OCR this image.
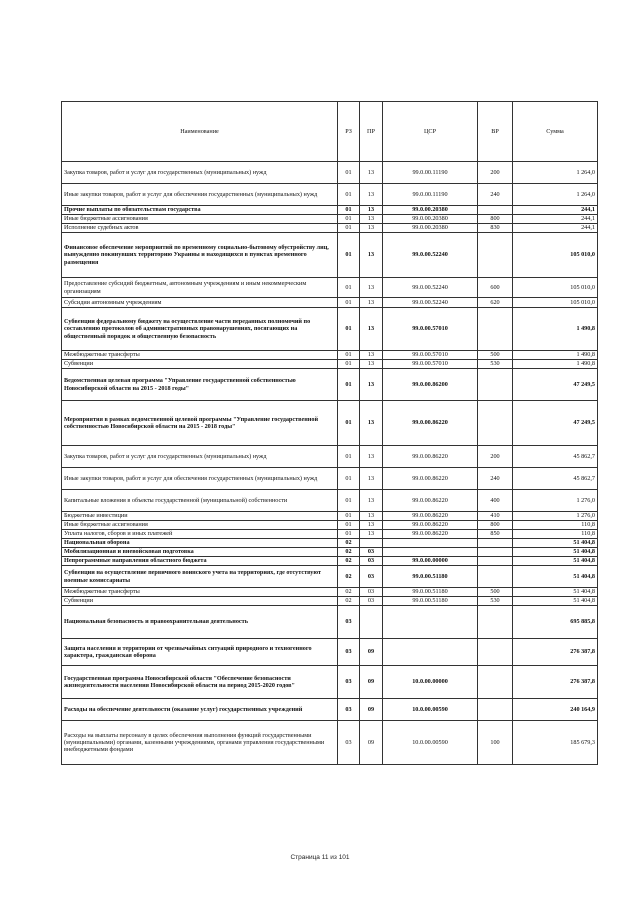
Наименование	РЗ	ПР	ЦСР	ВР	Сумма
Закупка товаров, работ и услуг для государственных (муниципальных) нужд	01	13	99.0.00.11190	200	1 264,0
Иные закупки товаров, работ и услуг для обеспечения государственных (муниципальных) нужд	01	13	99.0.00.11190	240	1 264,0
Прочие выплаты по обязательствам государства	01	13	99.0.00.20380		244,1
Иные бюджетные ассигнования	01	13	99.0.00.20380	800	244,1
Исполнение судебных актов	01	13	99.0.00.20380	830	244,1
Финансовое обеспечение мероприятий по временному социально-бытовому обустройству лиц, вынужденно покинувших территорию Украины и находящихся в пунктах временного размещения	01	13	99.0.00.52240		105 010,0
Предоставление субсидий бюджетным, автономным учреждениям и иным некоммерческим организациям	01	13	99.0.00.52240	600	105 010,0
Субсидии автономным учреждениям	01	13	99.0.00.52240	620	105 010,0
Субвенции федеральному бюджету на осуществление части переданных полномочий по составлению протоколов об административных правонарушениях, посягающих на общественный порядок и общественную безопасность	01	13	99.0.00.57010		1 490,8
Межбюджетные трансферты	01	13	99.0.00.57010	500	1 490,8
Субвенции	01	13	99.0.00.57010	530	1 490,8
Ведомственная целевая программа "Управление государственной собственностью Новосибирской области на 2015 - 2018 годы"	01	13	99.0.00.86200		47 249,5
Мероприятия в рамках ведомственной целевой программы "Управление государственной собственностью Новосибирской области на 2015 - 2018 годы"	01	13	99.0.00.86220		47 249,5
Закупка товаров, работ и услуг для государственных (муниципальных) нужд	01	13	99.0.00.86220	200	45 862,7
Иные закупки товаров, работ и услуг для обеспечения государственных (муниципальных) нужд	01	13	99.0.00.86220	240	45 862,7
Капитальные вложения в объекты государственной (муниципальной) собственности	01	13	99.0.00.86220	400	1 276,0
Бюджетные инвестиции	01	13	99.0.00.86220	410	1 276,0
Иные бюджетные ассигнования	01	13	99.0.00.86220	800	110,8
Уплата налогов, сборов и иных платежей	01	13	99.0.00.86220	850	110,8
Национальная оборона	02				51 404,8
Мобилизационная и вневойсковая подготовка	02	03			51 404,8
Непрограммные направления областного бюджета	02	03	99.0.00.00000		51 404,8
Субвенции на осуществление первичного воинского учета на территориях, где отсутствуют военные комиссариаты	02	03	99.0.00.51180		51 404,8
Межбюджетные трансферты	02	03	99.0.00.51180	500	51 404,8
Субвенции	02	03	99.0.00.51180	530	51 404,8
Национальная безопасность и правоохранительная деятельность	03				695 885,8
Защита населения и территории от чрезвычайных ситуаций природного и техногенного характера, гражданская оборона	03	09			276 387,8
Государственная программа Новосибирской области "Обеспечение безопасности жизнедеятельности населения Новосибирской области на период 2015-2020 годов"	03	09	10.0.00.00000		276 387,8
Расходы на обеспечение деятельности (оказание услуг) государственных учреждений	03	09	10.0.00.00590		240 164,9
Расходы на выплаты персоналу в целях обеспечения выполнения функций государственными (муниципальными) органами, казенными учреждениями, органами управления государственными внебюджетными фондами	03	09	10.0.00.00590	100	185 679,3
Страница 11 из 101
